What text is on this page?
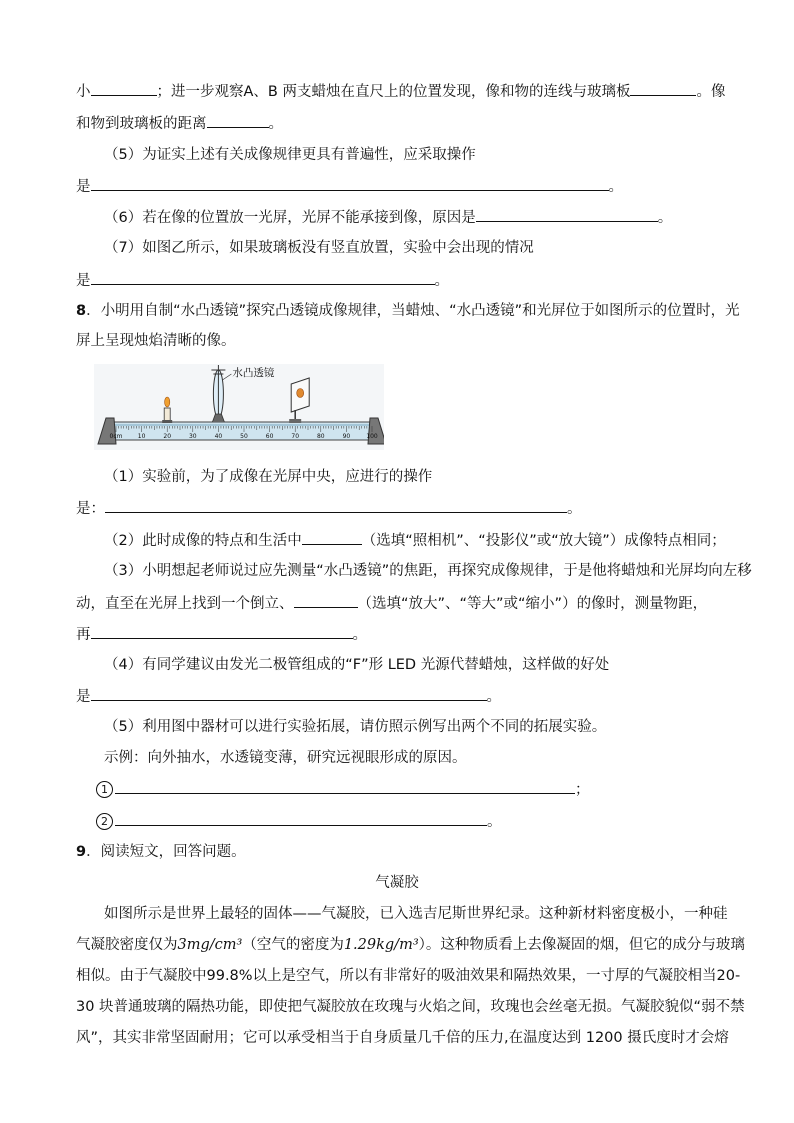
小	；进一步观察A、B 两支蜡烛在直尺上的位置发现，像和物的连线与玻璃板	。像
和物到玻璃板的距离	。
（5）为证实上述有关成像规律更具有普遍性，应采取操作
是	。
（6）若在像的位置放一光屏，光屏不能承接到像，原因是	。
（7）如图乙所示，如果玻璃板没有竖直放置，实验中会出现的情况
是	。
8．小明用自制“水凸透镜”探究凸透镜成像规律，当蜡烛、“水凸透镜”和光屏位于如图所示的位置时，光
屏上呈现烛焰清晰的像。
0cm	10	20	30	40	50	60	70	80	90	100
水凸透镜
（1）实验前，为了成像在光屏中央，应进行的操作
是：	。
（2）此时成像的特点和生活中	（选填“照相机”、“投影仪”或“放大镜”）成像特点相同；
（3）小明想起老师说过应先测量“水凸透镜”的焦距，再探究成像规律，于是他将蜡烛和光屏均向左移
动，直至在光屏上找到一个倒立、	（选填“放大”、“等大”或“缩小”）的像时，测量物距，
再	。
（4）有同学建议由发光二极管组成的“F”形 LED 光源代替蜡烛，这样做的好处
是	。
（5）利用图中器材可以进行实验拓展，请仿照示例写出两个不同的拓展实验。
示例：向外抽水，水透镜变薄，研究远视眼形成的原因。
1	；
2	。
9．阅读短文，回答问题。
气凝胶
如图所示是世界上最轻的固体——气凝胶，已入选吉尼斯世界纪录。这种新材料密度极小，一种硅
气凝胶密度仅为3mg/cm³（空气的密度为1.29kg/m³）。这种物质看上去像凝固的烟，但它的成分与玻璃
相似。由于气凝胶中99.8%以上是空气，所以有非常好的吸油效果和隔热效果，一寸厚的气凝胶相当20-
30 块普通玻璃的隔热功能，即使把气凝胶放在玫瑰与火焰之间，玫瑰也会丝毫无损。气凝胶貌似“弱不禁
风”，其实非常坚固耐用；它可以承受相当于自身质量几千倍的压力,在温度达到 1200 摄氏度时才会熔
